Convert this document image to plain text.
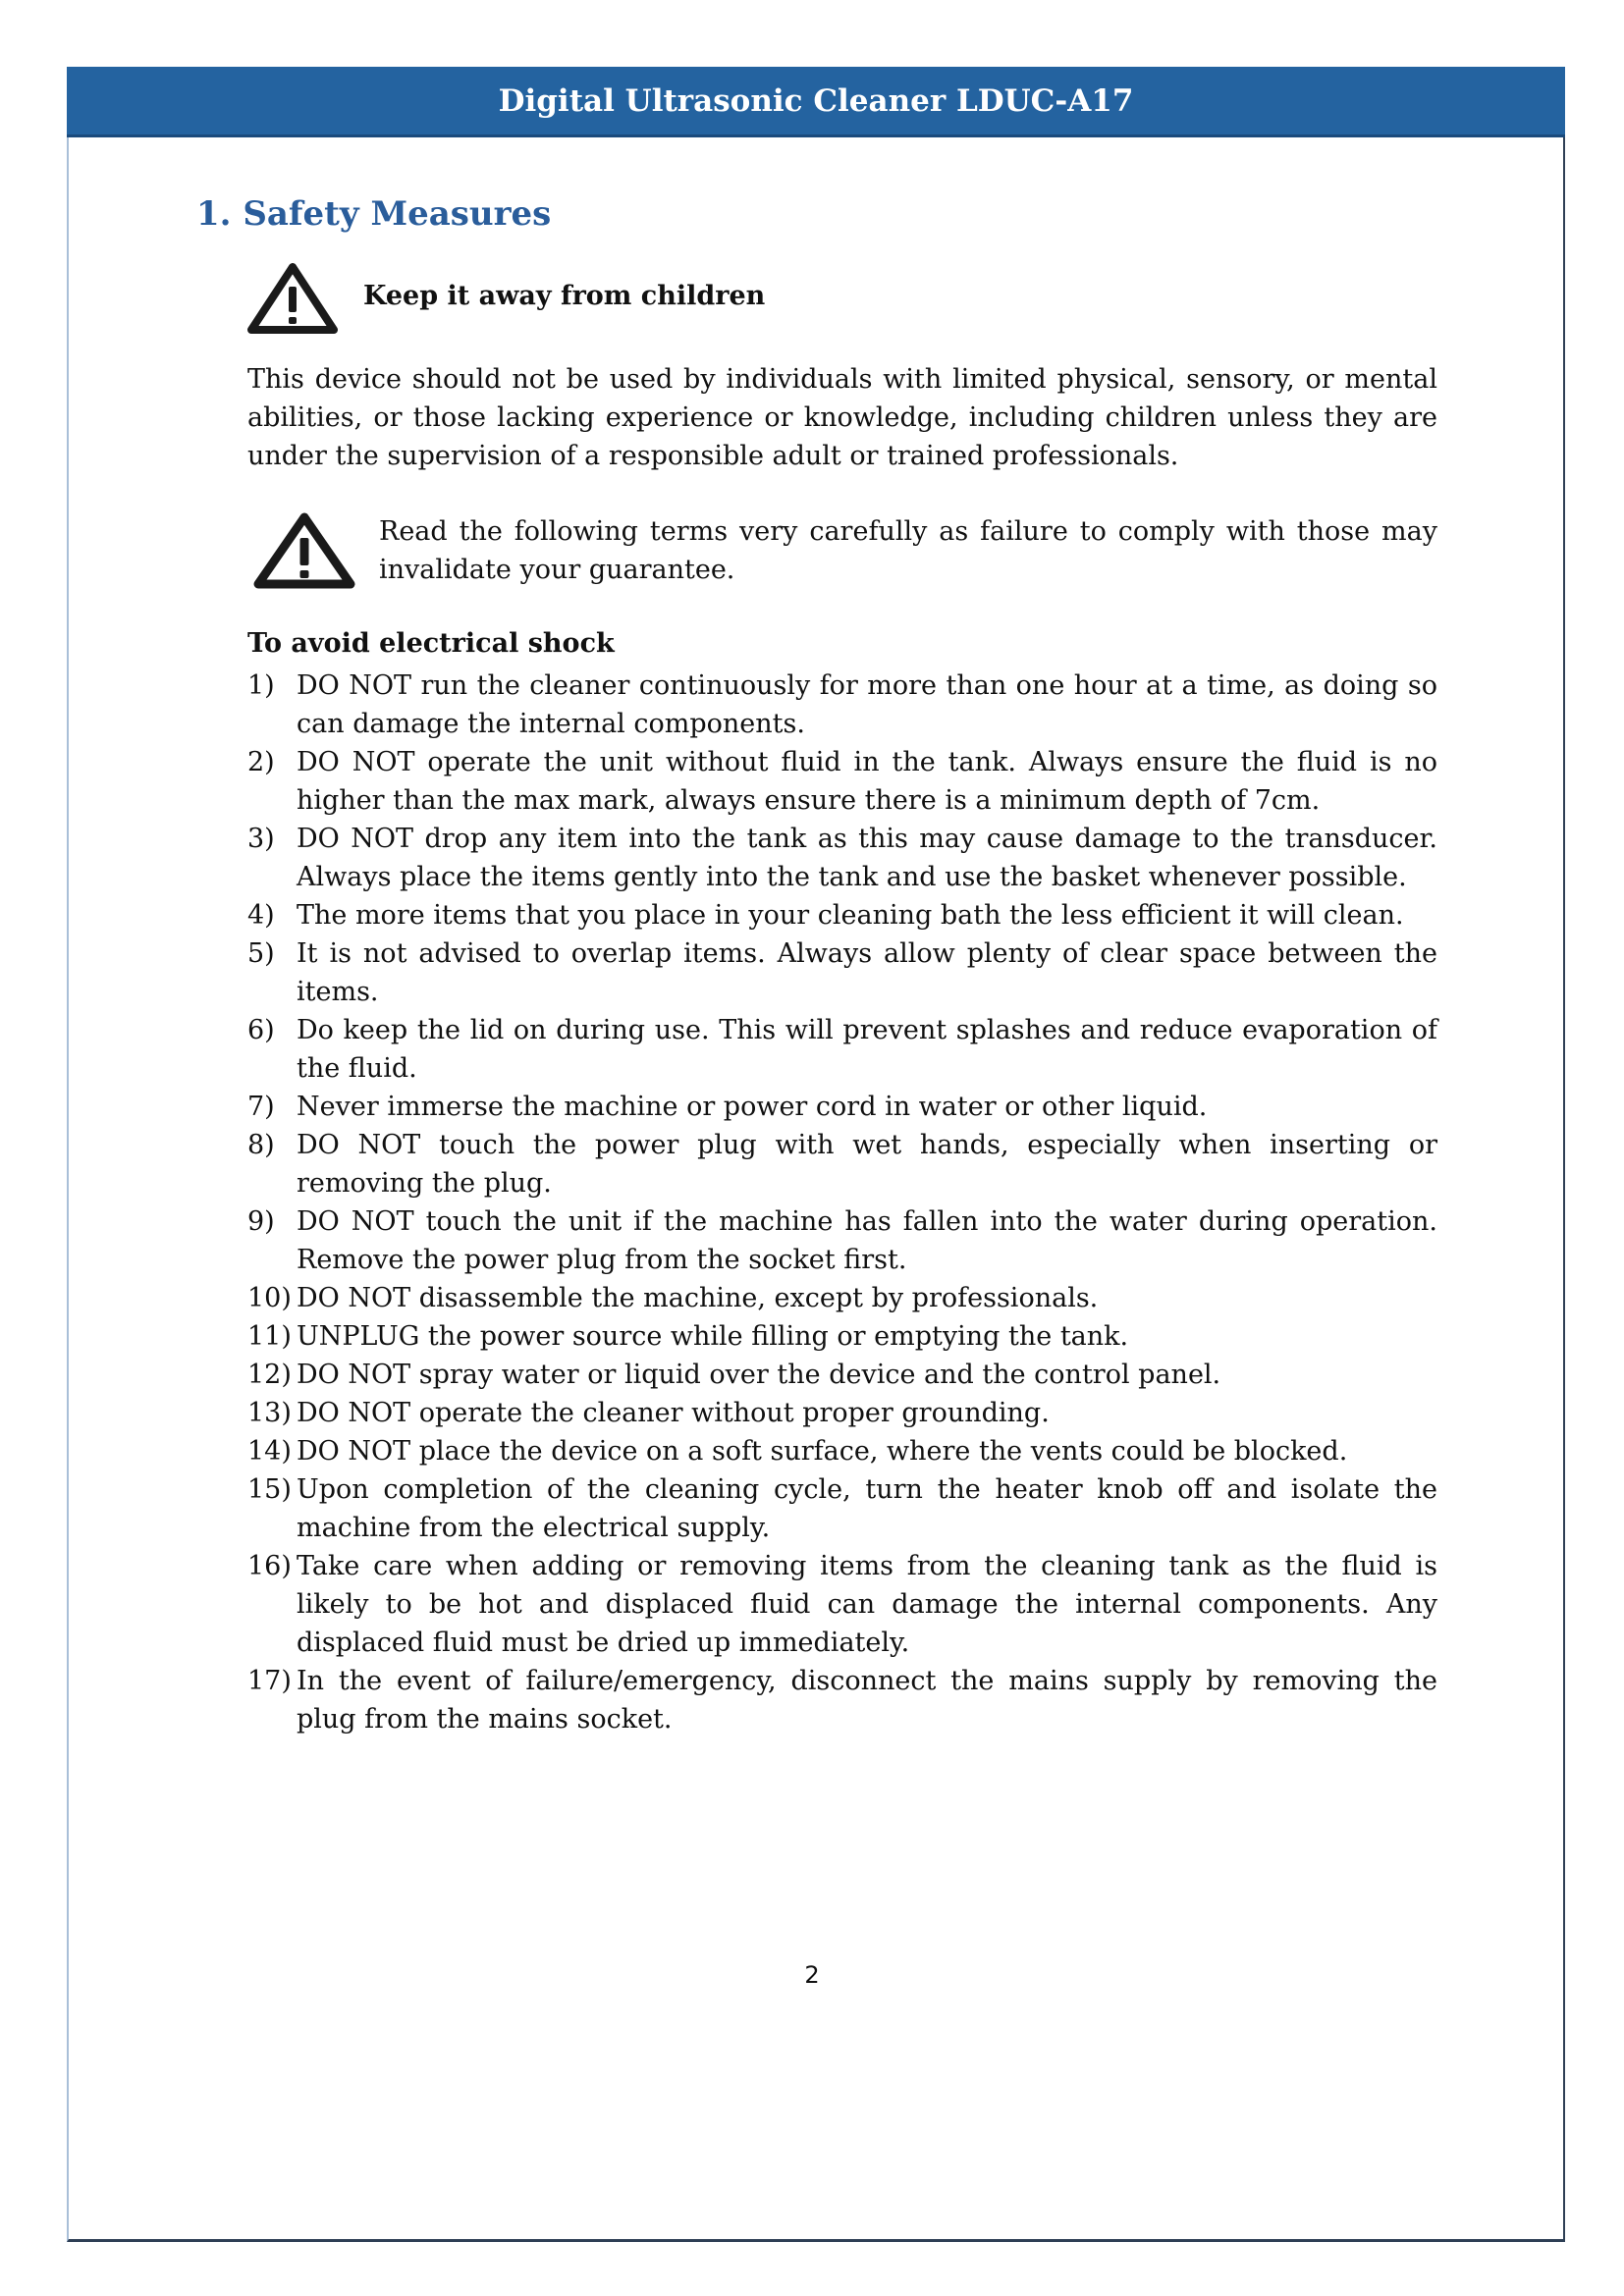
Digital Ultrasonic Cleaner LDUC-A17
1. Safety Measures
Keep it away from children
This device should not be used by individuals with limited physical, sensory, or mental abilities, or those lacking experience or knowledge, including children unless they are under the supervision of a responsible adult or trained professionals.
Read the following terms very carefully as failure to comply with those may invalidate your guarantee.
To avoid electrical shock
1) DO NOT run the cleaner continuously for more than one hour at a time, as doing so can damage the internal components.
2) DO NOT operate the unit without fluid in the tank. Always ensure the fluid is no higher than the max mark, always ensure there is a minimum depth of 7cm.
3) DO NOT drop any item into the tank as this may cause damage to the transducer. Always place the items gently into the tank and use the basket whenever possible.
4) The more items that you place in your cleaning bath the less efficient it will clean.
5) It is not advised to overlap items. Always allow plenty of clear space between the items.
6) Do keep the lid on during use. This will prevent splashes and reduce evaporation of the fluid.
7) Never immerse the machine or power cord in water or other liquid.
8) DO NOT touch the power plug with wet hands, especially when inserting or removing the plug.
9) DO NOT touch the unit if the machine has fallen into the water during operation. Remove the power plug from the socket first.
10) DO NOT disassemble the machine, except by professionals.
11) UNPLUG the power source while filling or emptying the tank.
12) DO NOT spray water or liquid over the device and the control panel.
13) DO NOT operate the cleaner without proper grounding.
14) DO NOT place the device on a soft surface, where the vents could be blocked.
15) Upon completion of the cleaning cycle, turn the heater knob off and isolate the machine from the electrical supply.
16) Take care when adding or removing items from the cleaning tank as the fluid is likely to be hot and displaced fluid can damage the internal components. Any displaced fluid must be dried up immediately.
17) In the event of failure/emergency, disconnect the mains supply by removing the plug from the mains socket.
2
